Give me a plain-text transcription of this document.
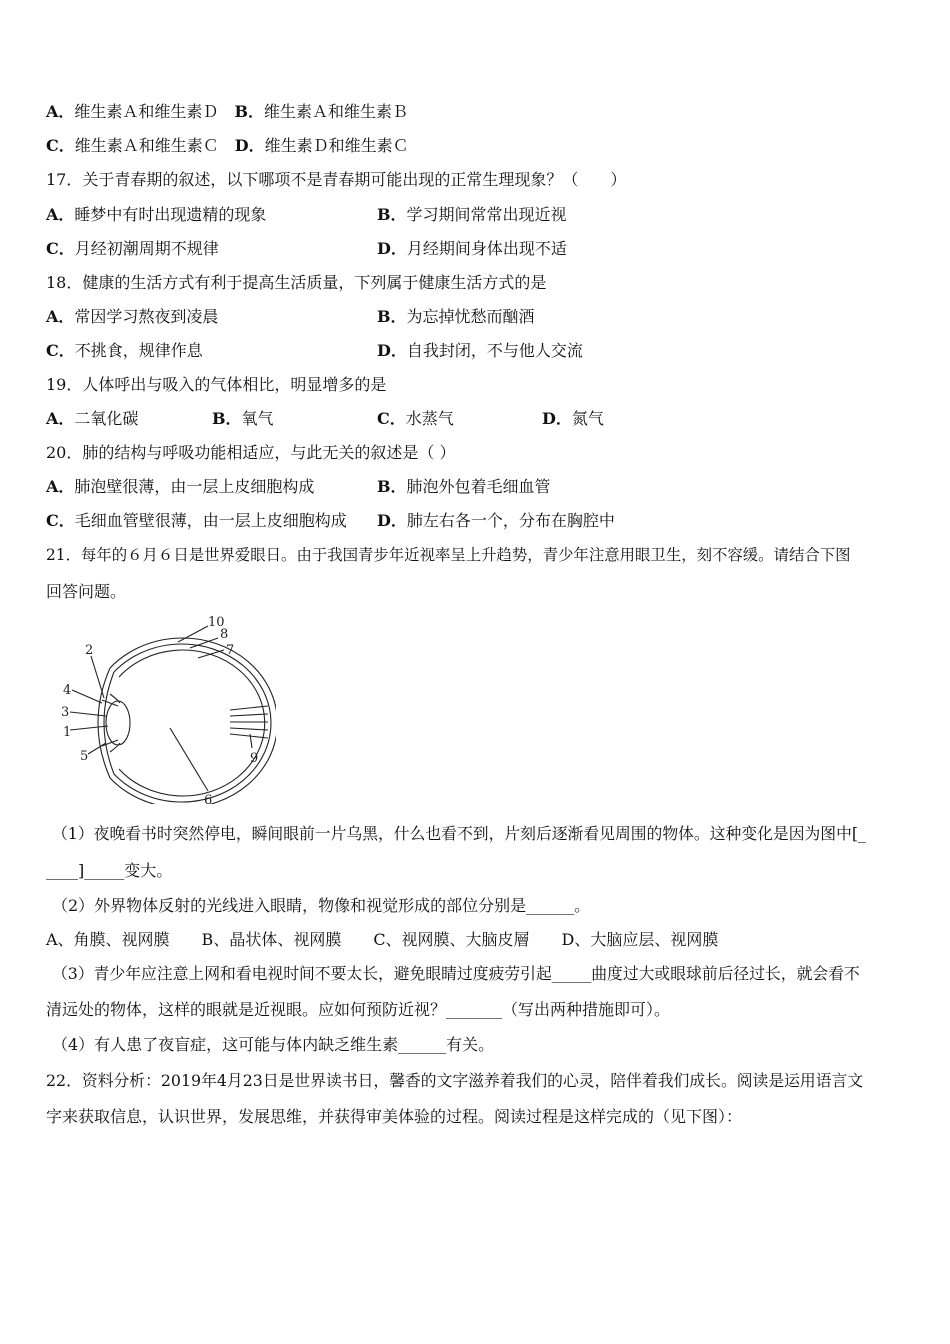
A．维生素Ａ和维生素Ｄ　 B．维生素Ａ和维生素Ｂ
C．维生素Ａ和维生素Ｃ　 D．维生素Ｄ和维生素Ｃ
17．关于青春期的叙述，以下哪项不是青春期可能出现的正常生理现象？（　　）
A．睡梦中有时出现遗精的现象	B．学习期间常常出现近视
C．月经初潮周期不规律	D．月经期间身体出现不适
18．健康的生活方式有利于提高生活质量，下列属于健康生活方式的是
A．常因学习熬夜到凌晨	B．为忘掉忧愁而酗酒
C．不挑食，规律作息	D．自我封闭，不与他人交流
19．人体呼出与吸入的气体相比，明显增多的是
A．二氧化碳	B．氧气	C．水蒸气	D．氮气
20．肺的结构与呼吸功能相适应，与此无关的叙述是（ ）
A．肺泡壁很薄，由一层上皮细胞构成	B．肺泡外包着毛细血管
C．毛细血管壁很薄，由一层上皮细胞构成 D．肺左右各一个，分布在胸腔中
21．每年的６月６日是世界爱眼日。由于我国青步年近视率呈上升趋势，青少年注意用眼卫生，刻不容缓。请结合下图
回答问题。
10
8
7
2
4
3
1
5
6
9
（1）夜晚看书时突然停电，瞬间眼前一片乌黑，什么也看不到，片刻后逐渐看见周围的物体。这种变化是因为图中[_
____]_____变大。
（2）外界物体反射的光线进入眼睛，物像和视觉形成的部位分别是______。
A、角膜、视网膜　　B、晶状体、视网膜　　C、视网膜、大脑皮層　　D、大脑应层、视网膜
（3）青少年应注意上网和看电视时间不要太长，避免眼睛过度疲劳引起_____曲度过大或眼球前后径过长，就会看不
清远处的物体，这样的眼就是近视眼。应如何预防近视？_______（写出两种措施即可）。
（4）有人患了夜盲症，这可能与体内缺乏维生素______有关。
22．资料分析：2019年4月23日是世界读书日，馨香的文字滋养着我们的心灵，陪伴着我们成长。阅读是运用语言文
字来获取信息，认识世界，发展思维，并获得审美体验的过程。阅读过程是这样完成的（见下图）：
